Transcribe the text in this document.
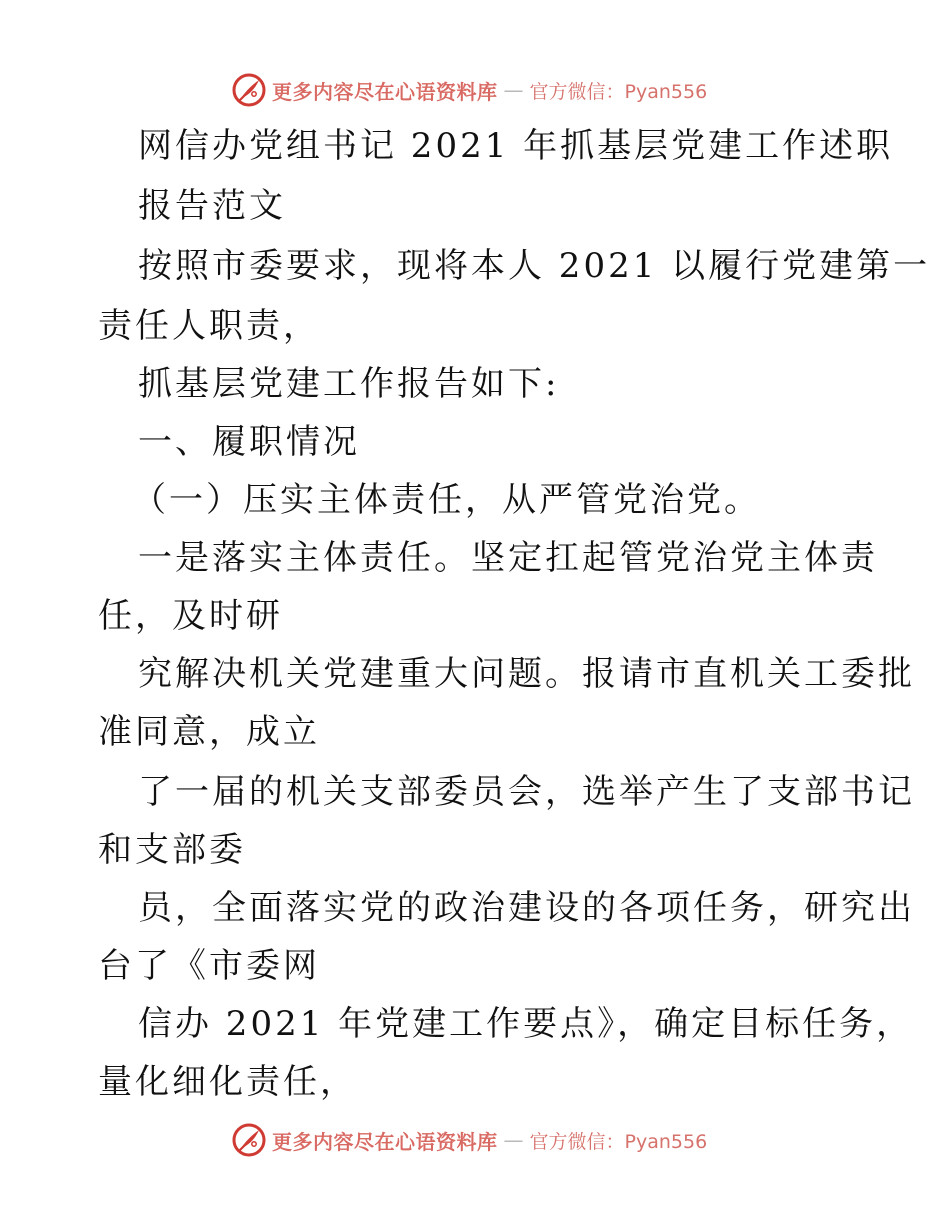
更多内容尽在心语资料库 — 官方微信：Pyan556
网信办党组书记 2021 年抓基层党建工作述职
报告范文
按照市委要求，现将本人 2021 以履行党建第一
责任人职责，
抓基层党建工作报告如下:
一、履职情况
（一）压实主体责任，从严管党治党。
一是落实主体责任。坚定扛起管党治党主体责
任，及时研
究解决机关党建重大问题。报请市直机关工委批
准同意，成立
了一届的机关支部委员会，选举产生了支部书记
和支部委
员，全面落实党的政治建设的各项任务，研究出
台了《市委网
信办 2021 年党建工作要点》，确定目标任务，
量化细化责任，
更多内容尽在心语资料库 — 官方微信：Pyan556
